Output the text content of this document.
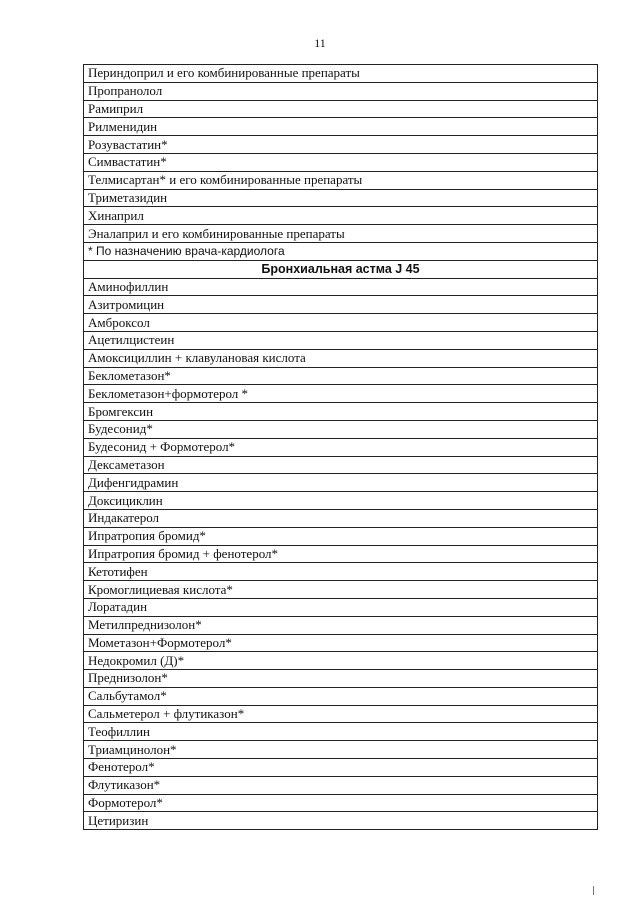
11
Периндоприл и его комбинированные препараты
Пропранолол
Рамиприл
Рилменидин
Розувастатин*
Симвастатин*
Телмисартан* и его комбинированные препараты
Триметазидин
Хинаприл
Эналаприл и его комбинированные препараты
* По назначению врача-кардиолога
Бронхиальная астма J 45
Аминофиллин
Азитромицин
Амброксол
Ацетилцистеин
Амоксициллин + клавулановая кислота
Беклометазон*
Беклометазон+формотерол *
Бромгексин
Будесонид*
Будесонид + Формотерол*
Дексаметазон
Дифенгидрамин
Доксициклин
Индакатерол
Ипратропия бромид*
Ипратропия бромид + фенотерол*
Кетотифен
Кромоглициевая кислота*
Лоратадин
Метилпреднизолон*
Мометазон+Формотерол*
Недокромил (Д)*
Преднизолон*
Сальбутамол*
Сальметерол + флутиказон*
Теофиллин
Триамцинолон*
Фенотерол*
Флутиказон*
Формотерол*
Цетиризин
